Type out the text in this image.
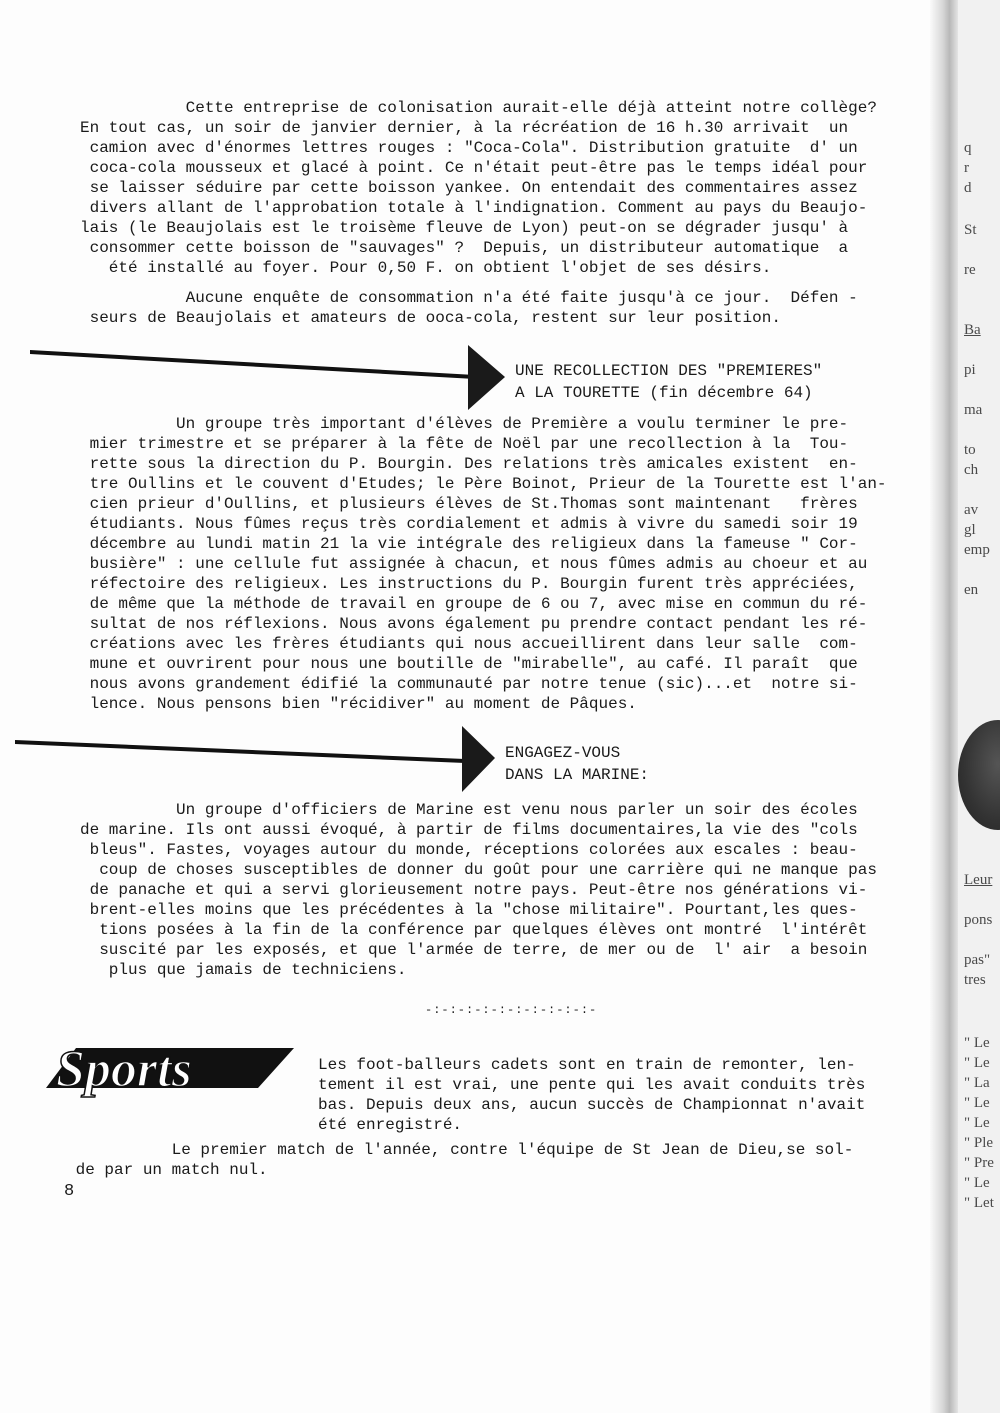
Cette entreprise de colonisation aurait-elle déjà atteint notre collège?
En tout cas, un soir de janvier dernier, à la récréation de 16 h.30 arrivait  un
camion avec d'énormes lettres rouges : "Coca-Cola". Distribution gratuite  d' un
coca-cola mousseux et glacé à point. Ce n'était peut-être pas le temps idéal pour
se laisser séduire par cette boisson yankee. On entendait des commentaires assez
divers allant de l'approbation totale à l'indignation. Comment au pays du Beaujo-
lais (le Beaujolais est le troisème fleuve de Lyon) peut-on se dégrader jusqu' à
consommer cette boisson de "sauvages" ?  Depuis, un distributeur automatique  a
été installé au foyer. Pour 0,50 F. on obtient l'objet de ses désirs.
Aucune enquête de consommation n'a été faite jusqu'à ce jour.  Défen -
seurs de Beaujolais et amateurs de ooca-cola, restent sur leur position.
UNE RECOLLECTION DES "PREMIERES"
A LA TOURETTE (fin décembre 64)
Un groupe très important d'élèves de Première a voulu terminer le pre-
mier trimestre et se préparer à la fête de Noël par une recollection à la  Tou-
rette sous la direction du P. Bourgin. Des relations très amicales existent  en-
tre Oullins et le couvent d'Etudes; le Père Boinot, Prieur de la Tourette est l'an-
cien prieur d'Oullins, et plusieurs élèves de St.Thomas sont maintenant   frères
étudiants. Nous fûmes reçus très cordialement et admis à vivre du samedi soir 19
décembre au lundi matin 21 la vie intégrale des religieux dans la fameuse " Cor-
busière" : une cellule fut assignée à chacun, et nous fûmes admis au choeur et au
réfectoire des religieux. Les instructions du P. Bourgin furent très appréciées,
de même que la méthode de travail en groupe de 6 ou 7, avec mise en commun du ré-
sultat de nos réflexions. Nous avons également pu prendre contact pendant les ré-
créations avec les frères étudiants qui nous accueillirent dans leur salle  com-
mune et ouvrirent pour nous une boutille de "mirabelle", au café. Il paraît  que
nous avons grandement édifié la communauté par notre tenue (sic)...et  notre si-
lence. Nous pensons bien "récidiver" au moment de Pâques.
ENGAGEZ-VOUS
DANS LA MARINE:
Un groupe d'officiers de Marine est venu nous parler un soir des écoles
de marine. Ils ont aussi évoqué, à partir de films documentaires,la vie des "cols
bleus". Fastes, voyages autour du monde, réceptions colorées aux escales : beau-
coup de choses susceptibles de donner du goût pour une carrière qui ne manque pas
de panache et qui a servi glorieusement notre pays. Peut-être nos générations vi-
brent-elles moins que les précédentes à la "chose militaire". Pourtant,les ques-
tions posées à la fin de la conférence par quelques élèves ont montré  l'intérêt
suscité par les exposés, et que l'armée de terre, de mer ou de  l' air  a besoin
plus que jamais de techniciens.
-:-:-:-:-:-:-:-:-:-:-
Sports	Les foot-balleurs cadets sont en train de remonter, len-
tement il est vrai, une pente qui les avait conduits très
bas. Depuis deux ans, aucun succès de Championnat n'avait
été enregistré.
Le premier match de l'année, contre l'équipe de St Jean de Dieu,se sol-
de par un match nul.
8
q
r
d
St
re
Ba
pi
ma
to
ch
av
gl
emp
en
Leur
pons
pas"
tres
" Le
" Le
" La
" Le
" Le
" Ple
" Pre
" Le
" Let
